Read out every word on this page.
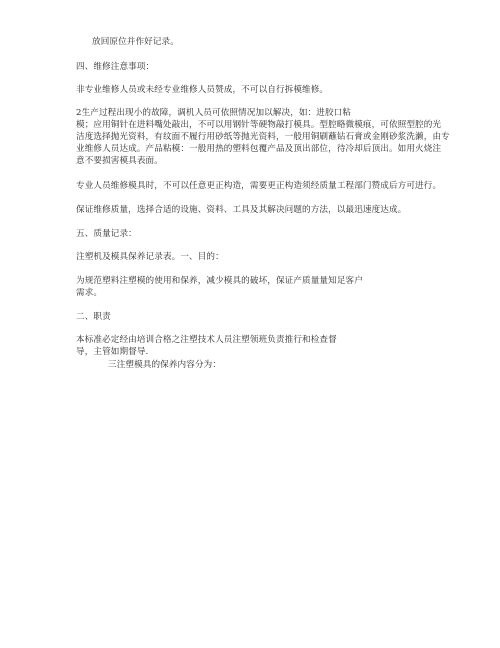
放回原位并作好记录。
四、维修注意事项：
非专业维修人员或未经专业维修人员赞成，不可以自行拆模维修。
2生产过程出现小的故障，调机人员可依照情况加以解决，如：进胶口粘
模；应用铜针在进料嘴处敲出，不可以用钢针等硬物敲打模具。型腔略微模痕，可依照型腔的光
洁度选择抛光资料，有纹面不履行用砂纸等抛光资料，一般用铜刷蘸钻石膏或金刚砂浆洗濑，由专
业维修人员达成。产品粘模：一般用热的塑料包覆产品及顶出部位，待冷却后顶出。如用火烧注
意不要损害模具表面。
专业人员维修模具时，不可以任意更正构造，需要更正构造须经质量工程部门赞成后方可进行。
保证维修质量，选择合适的设施、资料、工具及其解决问题的方法，以最迅速度达成。
五、质量记录：
注塑机及模具保养记录表。一、目的：
为规范塑料注塑模的使用和保养，减少模具的破坏，保证产质量量知足客户
需求。
二、职责
本标准必定经由培训合格之注塑技术人员注塑领班负责推行和检查督
导，主管如期督导.
三注塑模具的保养内容分为：
